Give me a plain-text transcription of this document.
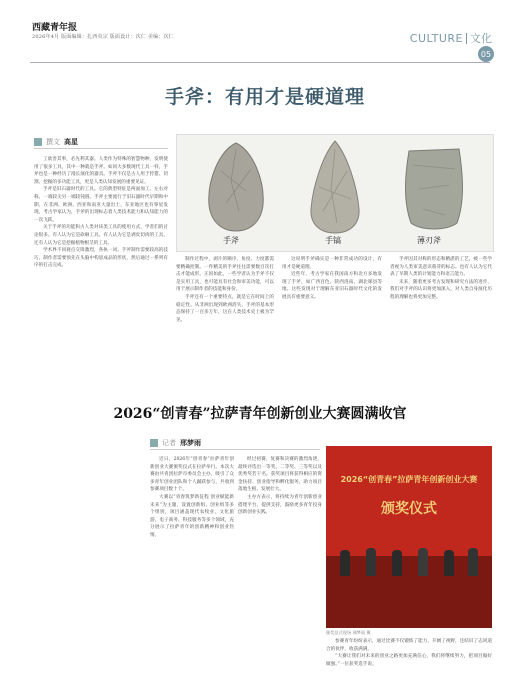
西藏青年报
2026年4月 版面编辑：扎西央宗 版面设计：次仁 美编：次仁	CULTURE 文化
05
手斧：有用才是硬道理
撰文 高星

工欲善其事，必先利其器。人类作为特殊的智慧物种，发明使用了很多工具，其中一种就是手斧。如同大多数现代工具一样，手斧也是一种经历了漫长演化的器具。手斧不仅是古人用于狩猎、切割、挖掘的多功能工具，更是人类认知发展的重要见证。

手斧是旧石器时代的工具。它的典型特征是两面加工、左右对称、一端较尖另一端较钝圆。手斧主要流行于旧石器时代早期和中期，在非洲、欧洲、西亚和南亚大量出土，东亚地区也有零星发现。考古学家认为，手斧的出现标志着人类技术能力和认知能力的一次飞跃。

关于手斧的功能和古人类对该类工具的使用方式，学者们的讨论很多。有人认为它是砍砸工具，有人认为它是剥皮切肉的工具，还有人认为它是挖掘植物根茎的工具。

学术界不同观点交锋激烈，各执一词。手斧制作需要较高的技巧，制作者需要预先在头脑中构思成品的形状，然后通过一系列有序的打击完成。

手斧	手镐	薄刃斧

制作过程中，剥片的顺序、角度、力度都需要精确控制。一件精美的手斧往往需要数百次打击才能成形。正因如此，一些学者认为手斧不仅是实用工具，也可能具有社会和审美功能，可以用于展示制作者的技能和身份。

手斧还有一个重要特点，就是它在时间上的稳定性。从非洲出现到欧洲消失，手斧的基本形态保持了一百多万年，这在人类技术史上极为罕见。

这说明手斧确实是一种非常成功的设计，有用才是硬道理。

近些年，考古学家在我国南方和北方多地发现了手斧，如广西百色、陕西洛南、湖北郧县等地。这些发现对于理解东亚旧石器时代文化的发展具有重要意义。

手斧因其对称的形态和精湛的工艺，被一些学者视为人类审美意识萌芽的标志。也有人认为它代表了早期人类的计划能力和语言能力。

未来，随着更多考古发现和研究方法的进步，我们对手斧的认识将更加深入，对人类自身演化历程的理解也将更加完整。

2026“创青春”拉萨青年创新创业大赛圆满收官
记者 邢梦雨

近日，2026年“创青春”拉萨青年创新创业大赛颁奖仪式在拉萨举行。本次大赛由共青团拉萨市委员会主办，吸引了众多青年创业团队和个人踊跃参与，共收到参赛项目数十个。

大赛以“青春筑梦新征程 创业赋能新未来”为主题，设置创新组、创业组等多个组别，项目涵盖现代农牧业、文化旅游、电子商务、科技服务等多个领域，充分展示了拉萨青年的创新精神和创业热情。

经过初赛、复赛和决赛的激烈角逐，最终评选出一等奖、二等奖、三等奖以及优秀奖若干名。获奖项目将获得相应的资金扶持、创业指导和孵化服务，助力项目落地生根、发展壮大。

主办方表示，将持续为青年创新创业搭建平台、提供支持，鼓励更多青年投身创新创业实践。

2026“创青春”拉萨青年创新创业大赛
颁奖仪式
颁奖仪式现场 邢梦雨 摄

参赛青年纷纷表示，通过比赛不仅锻炼了能力、开阔了视野，还结识了志同道合的伙伴，收获满满。

“大赛让我们对未来的创业之路更加充满信心，我们将继续努力，把项目做好做强。”一位获奖选手说。
